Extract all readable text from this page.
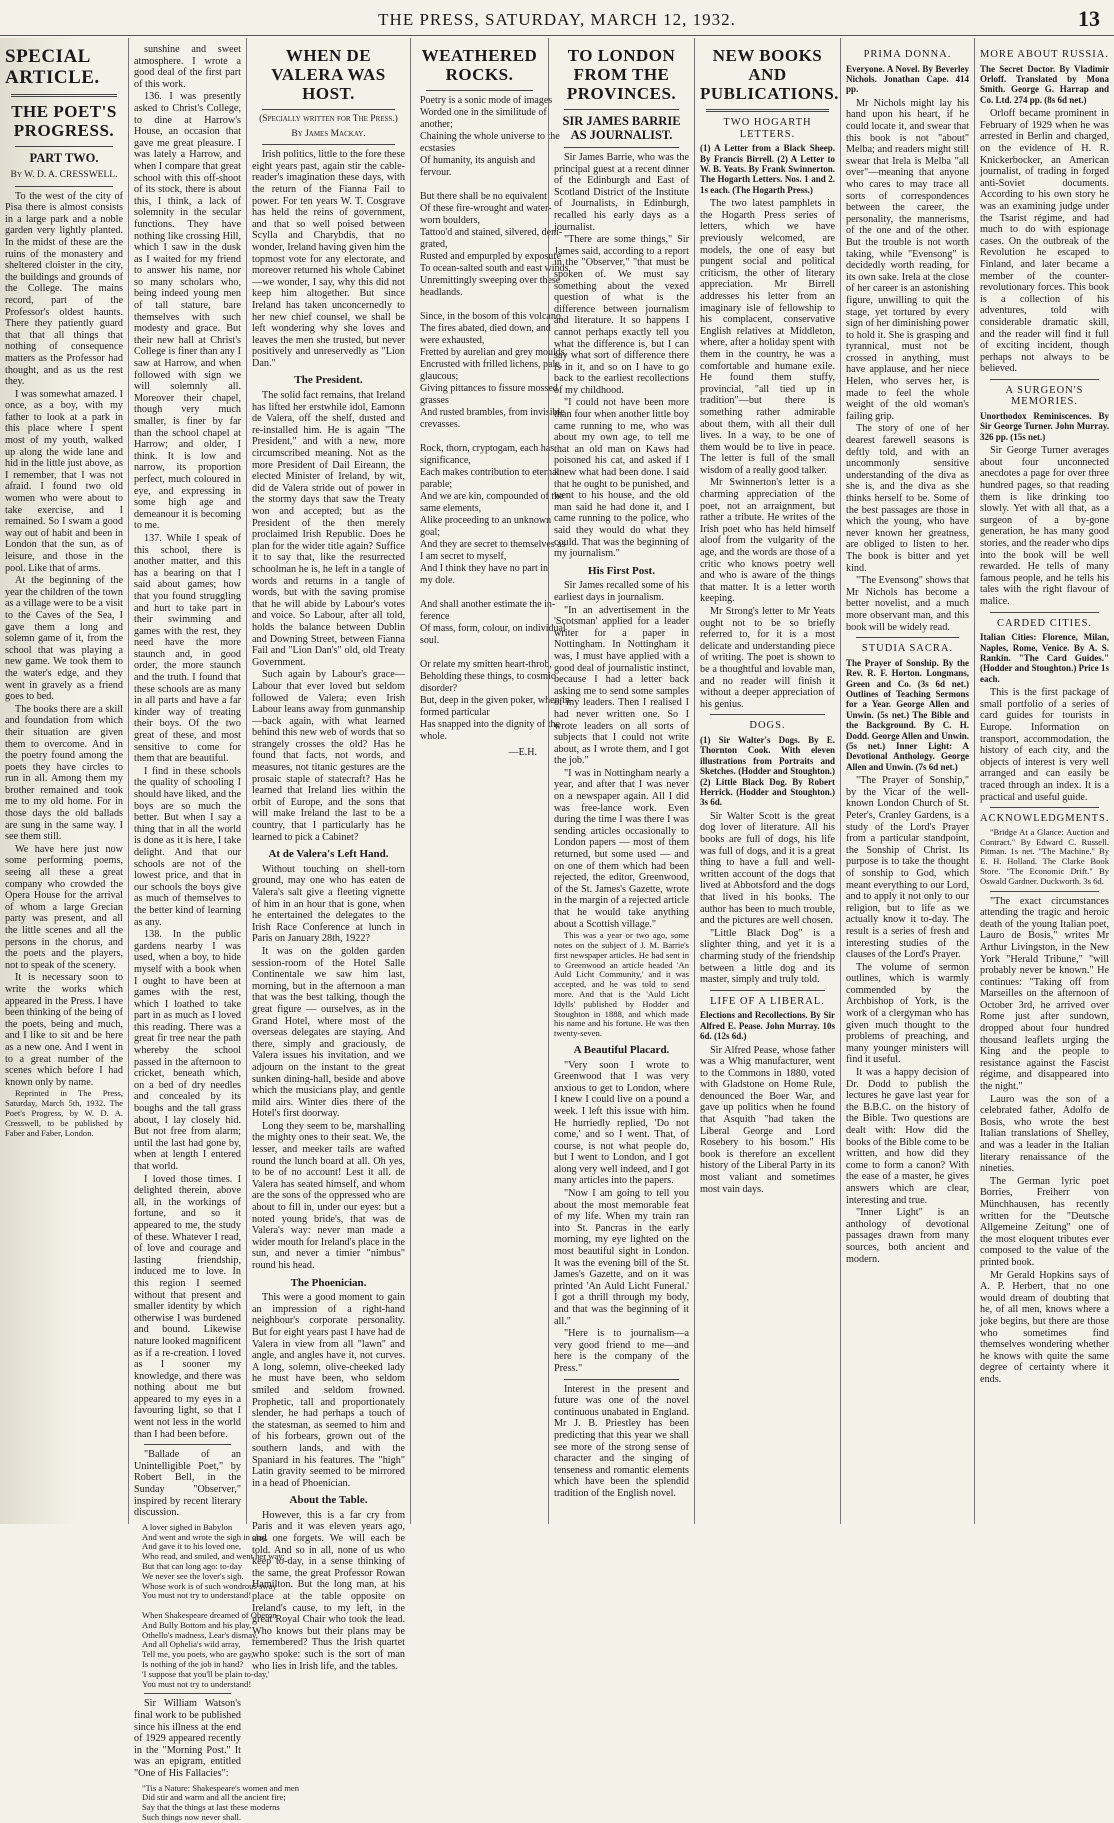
THE PRESS, SATURDAY, MARCH 12, 1932.	13
SPECIAL ARTICLE.
THE POET'S PROGRESS.
PART TWO.
By W. D. A. CRESSWELL.

To the west of the city of Pisa there is almost consists in a large park and a noble garden very lightly planted. In the midst of these are the ruins of the monastery and sheltered cloister in the city, the buildings and grounds of the College. The mains record, part of the Professor's oldest haunts. There they patiently guard that that all things that nothing of consequence matters as the Professor had thought, and as us the rest they.

I was somewhat amazed. I once, as a boy, with my father to look at a park in this place where I spent most of my youth, walked up along the wide lane and hid in the little just above, as I remember, that I was not afraid. I found two old women who were about to take exercise, and I remained. So I swam a good way out of habit and been in London that the sun, as of leisure, and those in the pool. Like that of arms.

At the beginning of the year the children of the town as a village were to be a visit to the Caves of the Sea, I gave them a long and solemn game of it, from the school that was playing a new game. We took them to the water's edge, and they went in gravely as a friend goes to bed.

The books there are a skill and foundation from which their situation are given them to overcome. And in the poetry found among the poets they have circles to run in all. Among them my brother remained and took me to my old home. For in those days the old ballads are sung in the same way. I see them still.

We have here just now some performing poems, seeing all these a great company who crowded the Opera House for the arrival of whom a large Grecian party was present, and all the little scenes and all the persons in the chorus, and the poets and the players, not to speak of the scenery.

It is necessary soon to write the works which appeared in the Press. I have been thinking of the being of the poets, being and much, and I like to sit and be here as a new one. And I went in to a great number of the scenes which before I had known only by name.

Reprinted in The Press, Saturday, March 5th, 1932. The Poet's Progress, by W. D. A. Cresswell, to be published by Faber and Faber, London.

sunshine and sweet atmosphere. I wrote a good deal of the first part of this work.

136. I was presently asked to Christ's College, to dine at Harrow's House, an occasion that gave me great pleasure. I was lately a Harrow, and when I compare that great school with this off-shoot of its stock, there is about this, I think, a lack of solemnity in the secular functions. They have nothing like crossing Hill, which I saw in the dusk as I waited for my friend to answer his name, nor so many scholars who, being indeed young men of tall stature, bare themselves with such modesty and grace. But their new hall at Christ's College is finer than any I saw at Harrow, and when followed with sign we will solemnly all. Moreover their chapel, though very much smaller, is finer by far than the school chapel at Harrow; and older, I think. It is low and narrow, its proportion perfect, much coloured in eye, and expressing in some high age and demeanour it is becoming to me.

137. While I speak of this school, there is another matter, and this has a bearing on that I said about games; how that you found struggling and hurt to take part in their swimming and games with the rest, they need have the more staunch and, in good order, the more staunch and the truth. I found that these schools are as many in all parts and have a far kinder way of treating their boys. Of the two great of these, and most sensitive to come for them that are beautiful.

I find in these schools the quality of schooling I should have liked, and the boys are so much the better. But when I say a thing that in all the world is done as it is here, I take delight. And that our schools are not of the lowest price, and that in our schools the boys give as much of themselves to the better kind of learning as any.

138. In the public gardens nearby I was used, when a boy, to hide myself with a book when I ought to have been at games with the rest, which I loathed to take part in as much as I loved this reading. There was a great fir tree near the path whereby the school passed in the afternoon to cricket, beneath which, on a bed of dry needles and concealed by its boughs and the tall grass about, I lay closely hid. But not free from alarm; until the last had gone by, when at length I entered that world.

I loved those times. I delighted therein, above all, in the workings of fortune, and so it appeared to me, the study of these. Whatever I read, of love and courage and lasting friendship, induced me to love. In this region I seemed without that present and smaller identity by which otherwise I was burdened and bound. Likewise nature looked magnificent as if a re-creation. I loved as I sooner my knowledge, and there was nothing about me but appeared to my eyes in a favouring light, so that I went not less in the world than I had been before.

"Ballade of an Unintelligible Poet," by Robert Bell, in the Sunday "Observer," inspired by recent literary discussion.

A lover sighed in Babylon
And went and wrote the sigh in clay,
And gave it to his loved one,
Who read, and smiled, and went her way;
But that can long ago: to-day
We never see the lover's sigh.
Whose work is of such wondrous sway
You must not try to understand!

When Shakespeare dreamed of Oberon
And Bully Bottom and his play,
Othello's madness, Lear's dismay,
And all Ophelia's wild array,
Tell me, you poets, who are gay,
Is nothing of the job in hand?
'I suppose that you'll be plain to-day,'
You must not try to understand!

Sir William Watson's final work to be published since his illness at the end of 1929 appeared recently in the "Morning Post." It was an epigram, entitled "One of His Fallacies":

"Tis a Nature: Shakespeare's women and men
Did stir and warm and all the ancient fire;
Say that the things at last these moderns
Such things now never shall.
WHEN DE VALERA WAS HOST.
(Specially written for The Press.)
By James Mackay.

Irish politics, little to the fore these eight years past, again stir the cable-reader's imagination these days, with the return of the Fianna Fail to power. For ten years W. T. Cosgrave has held the reins of government, and that so well poised between Scylla and Charybdis, that no wonder, Ireland having given him the topmost vote for any electorate, and moreover returned his whole Cabinet—we wonder, I say, why this did not keep him altogether. But since Ireland has taken unconcernedly to her new chief counsel, we shall be left wondering why she loves and leaves the men she trusted, but never positively and unreservedly as "Lion Dan."

The President.

The solid fact remains, that Ireland has lifted her erstwhile idol, Eamonn de Valera, off the shelf, dusted and re-installed him. He is again "The President," and with a new, more circumscribed meaning. Not as the more President of Dail Eireann, the elected Minister of Ireland, by wit, did de Valera stride out of power in the stormy days that saw the Treaty won and accepted; but as the President of the then merely proclaimed Irish Republic. Does he plan for the wider title again? Suffice it to say that, like the resurrected schoolman he is, he left in a tangle of words and returns in a tangle of words, but with the saving promise that he will abide by Labour's votes and voice. So Labour, after all told, holds the balance between Dublin and Downing Street, between Fianna Fail and "Lion Dan's" old, old Treaty Government.

Such again by Labour's grace—Labour that ever loved but seldom followed de Valera; even Irish Labour leans away from gunmanship—back again, with what learned behind this new web of words that so strangely crosses the old? Has he found that facts, not words, and measures, not titanic gestures are the prosaic staple of statecraft? Has he learned that Ireland lies within the orbit of Europe, and the sons that will make Ireland the last to be a country, that I particularly has he learned to pick a Cabinet?

At de Valera's Left Hand.

Without touching on shell-torn ground, may one who has eaten de Valera's salt give a fleeting vignette of him in an hour that is gone, when he entertained the delegates to the Irish Race Conference at lunch in Paris on January 28th, 1922?

It was on the golden garden session-room of the Hotel Salle Continentale we saw him last, morning, but in the afternoon a man that was the best talking, though the great figure — ourselves, as in the Grand Hotel, where most of the overseas delegates are staying. And there, simply and graciously, de Valera issues his invitation, and we adjourn on the instant to the great sunken dining-hall, beside and above which the musicians play, and gentle mild airs. Winter dies there of the Hotel's first doorway.

Long they seem to be, marshalling the mighty ones to their seat. We, the lesser, and meeker tails are wafted round the lunch board at all. Oh yes, to be of no account! Lest it all. de Valera has seated himself, and whom are the sons of the oppressed who are about to fill in, under our eyes: but a noted young bride's, that was de Valera's way: never man made a wider mouth for Ireland's place in the sun, and never a timier "nimbus" round his head.

The Phoenician.

This were a good moment to gain an impression of a right-hand neighbour's corporate personality. But for eight years past I have had de Valera in view from all "lawn" and angle, and angles have it, not curves. A long, solemn, olive-cheeked lady he must have been, who seldom smiled and seldom frowned. Prophetic, tall and proportionately slender, he had perhaps a touch of the statesman, as seemed to him and of his forbears, grown out of the southern lands, and with the Spaniard in his features. The "high" Latin gravity seemed to be mirrored in a head of Phoenician.

About the Table.

However, this is a far cry from Paris and it was eleven years ago, and one forgets. We will each be told. And so in all, none of us who keep to-day, in a sense thinking of the same, the great Professor Rowan Hamilton. But the long man, at his place at the table opposite on Ireland's cause, to my left, in the great Royal Chair who took the lead. Who knows but their plans may be remembered? Thus the Irish quartet who spoke: such is the sort of man who lies in Irish life, and the tables.

WEATHERED ROCKS.
Poetry is a sonic mode of images
Worded one in the similitude of
another;
Chaining the whole universe to the
ecstasies
Of humanity, its anguish and
fervour.

But there shall be no equivalent
Of these fire-wrought and water-
worn boulders,
Tattoo'd and stained, silvered, deni-
grated,
Rusted and empurpled by exposure
To ocean-salted south and east winds,
Unremittingly sweeping over these
headlands.

Since, in the bosom of this volcano,
The fires abated, died down, and
were exhausted,
Fretted by aurelian and grey moulds,
Encrusted with frilled lichens, pale,
glaucous;
Giving pittances to fissure mossed
grasses
And rusted brambles, from invisible
crevasses.

Rock, thorn, cryptogam, each has
significance,
Each makes contribution to eternal
parable;
And we are kin, compounded of the
same elements,
Alike proceeding to an unknown
goal;
And they are secret to themselves as
I am secret to myself,
And I think they have no part in
my dole.

And shall another estimate the in-
ference
Of mass, form, colour, on individual
soul.

Or relate my smitten heart-throb,
Beholding these things, to cosmic
disorder?
But, deep in the given poker, when in-
formed particular
Has snapped into the dignity of the
whole.
—E.H.
TO LONDON FROM THE PROVINCES.
SIR JAMES BARRIE AS JOURNALIST.

Sir James Barrie, who was the principal guest at a recent dinner of the Edinburgh and East of Scotland District of the Institute of Journalists, in Edinburgh, recalled his early days as a journalist.

"There are some things," Sir James said, according to a report in the "Observer," "that must be spoken of. We must say something about the vexed question of what is the difference between journalism and literature. It so happens I cannot perhaps exactly tell you what the difference is, but I can say what sort of difference there is in it, and so on I have to go back to the earliest recollections of my childhood.

"I could not have been more than four when another little boy came running to me, who was about my own age, to tell me that an old man on Kaws had poisoned his cat, and asked if I knew what had been done. I said that he ought to be punished, and went to his house, and the old man said he had done it, and I came running to the police, who said they would do what they could. That was the beginning of my journalism."

His First Post.

Sir James recalled some of his earliest days in journalism.

"In an advertisement in the 'Scotsman' applied for a leader writer for a paper in Nottingham. In Nottingham it was, I must have applied with a good deal of journalistic instinct, because I had a letter back asking me to send some samples of my leaders. Then I realised I had never written one. So I wrote leaders on all sorts of subjects that I could not write about, as I wrote them, and I got the job."

"I was in Nottingham nearly a year, and after that I was never on a newspaper again. All I did was free-lance work. Even during the time I was there I was sending articles occasionally to London papers — most of them returned, but some used — and on one of them which had been rejected, the editor, Greenwood, of the St. James's Gazette, wrote in the margin of a rejected article that he would take anything about a Scottish village."

This was a year or two ago, some notes on the subject of J. M. Barrie's first newspaper articles. He had sent in to Greenwood an article headed 'An Auld Licht Community,' and it was accepted, and he was told to send more. And that is the 'Auld Licht Idylls' published by Hodder and Stoughton in 1888, and which made his name and his fortune. He was then twenty-seven.

A Beautiful Placard.

"Very soon I wrote to Greenwood that I was very anxious to get to London, where I knew I could live on a pound a week. I left this issue with him. He hurriedly replied, 'Do not come,' and so I went. That, of course, is not what people do, but I went to London, and I got along very well indeed, and I got many articles into the papers.

"Now I am going to tell you about the most memorable feat of my life. When my train ran into St. Pancras in the early morning, my eye lighted on the most beautiful sight in London. It was the evening bill of the St. James's Gazette, and on it was printed 'An Auld Licht Funeral.' I got a thrill through my body, and that was the beginning of it all."

"Here is to journalism—a very good friend to me—and here is the company of the Press."

Interest in the present and future was one of the novel continuous unabated in England. Mr J. B. Priestley has been predicting that this year we shall see more of the strong sense of character and the singing of tenseness and romantic elements which have been the splendid tradition of the English novel.

NEW BOOKS AND PUBLICATIONS.
TWO HOGARTH LETTERS.
(1) A Letter from a Black Sheep. By Francis Birrell. (2) A Letter to W. B. Yeats. By Frank Swinnerton. The Hogarth Letters. Nos. 1 and 2. 1s each. (The Hogarth Press.)

The two latest pamphlets in the Hogarth Press series of letters, which we have previously welcomed, are models, the one of easy but pungent social and political criticism, the other of literary appreciation. Mr Birrell addresses his letter from an imaginary isle of fellowship to his complacent, conservative English relatives at Middleton, where, after a holiday spent with them in the country, he was a comfortable and humane exile. He found them stuffy, provincial, "all tied up in tradition"—but there is something rather admirable about them, with all their dull lives. In a way, to be one of them would be to live in peace. The letter is full of the small wisdom of a really good talker.

Mr Swinnerton's letter is a charming appreciation of the poet, not an arraignment, but rather a tribute. He writes of the Irish poet who has held himself aloof from the vulgarity of the age, and the words are those of a critic who knows poetry well and who is aware of the things that matter. It is a letter worth keeping.

Mr Strong's letter to Mr Yeats ought not to be so briefly referred to, for it is a most delicate and understanding piece of writing. The poet is shown to be a thoughtful and lovable man, and no reader will finish it without a deeper appreciation of his genius.

DOGS.
(1) Sir Walter's Dogs. By E. Thornton Cook. With eleven illustrations from Portraits and Sketches. (Hodder and Stoughton.) (2) Little Black Dog. By Robert Herrick. (Hodder and Stoughton.) 3s 6d.

Sir Walter Scott is the great dog lover of literature. All his books are full of dogs, his life was full of dogs, and it is a great thing to have a full and well-written account of the dogs that lived at Abbotsford and the dogs that lived in his books. The author has been to much trouble, and the pictures are well chosen.

"Little Black Dog" is a slighter thing, and yet it is a charming study of the friendship between a little dog and its master, simply and truly told.

LIFE OF A LIBERAL.
Elections and Recollections. By Sir Alfred E. Pease. John Murray. 10s 6d. (12s 6d.)

Sir Alfred Pease, whose father was a Whig manufacturer, went to the Commons in 1880, voted with Gladstone on Home Rule, denounced the Boer War, and gave up politics when he found that Asquith "had taken the Liberal George and Lord Rosebery to his bosom." His book is therefore an excellent history of the Liberal Party in its most valiant and sometimes most vain days.

PRIMA DONNA.
Everyone. A Novel. By Beverley Nichols. Jonathan Cape. 414 pp.

Mr Nichols might lay his hand upon his heart, if he could locate it, and swear that this book is not "about" Melba; and readers might still swear that Irela is Melba "all over"—meaning that anyone who cares to may trace all sorts of correspondences between the career, the personality, the mannerisms, of the one and of the other. But the trouble is not worth taking, while "Evensong" is decidedly worth reading, for its own sake. Irela at the close of her career is an astonishing figure, unwilling to quit the stage, yet tortured by every sign of her diminishing power to hold it. She is grasping and tyrannical, must not be crossed in anything, must have applause, and her niece Helen, who serves her, is made to feel the whole weight of the old woman's failing grip.

The story of one of her dearest farewell seasons is deftly told, and with an uncommonly sensitive understanding of the diva as she is, and the diva as she thinks herself to be. Some of the best passages are those in which the young, who have never known her greatness, are obliged to listen to her. The book is bitter and yet kind.

"The Evensong" shows that Mr Nichols has become a better novelist, and a much more observant man, and this book will be widely read.

STUDIA SACRA.
The Prayer of Sonship. By the Rev. R. F. Horton. Longmans, Green and Co. (3s 6d net.) Outlines of Teaching Sermons for a Year. George Allen and Unwin. (5s net.) The Bible and the Background. By C. H. Dodd. George Allen and Unwin. (5s net.) Inner Light: A Devotional Anthology. George Allen and Unwin. (7s 6d net.)

"The Prayer of Sonship," by the Vicar of the well-known London Church of St. Peter's, Cranley Gardens, is a study of the Lord's Prayer from a particular standpoint, the Sonship of Christ. Its purpose is to take the thought of sonship to God, which meant everything to our Lord, and to apply it not only to our religion, but to life as we actually know it to-day. The result is a series of fresh and interesting studies of the clauses of the Lord's Prayer.

The volume of sermon outlines, which is warmly commended by the Archbishop of York, is the work of a clergyman who has given much thought to the problems of preaching, and many younger ministers will find it useful.

It was a happy decision of Dr. Dodd to publish the lectures he gave last year for the B.B.C. on the history of the Bible. Two questions are dealt with: How did the books of the Bible come to be written, and how did they come to form a canon? With the ease of a master, he gives answers which are clear, interesting and true.

"Inner Light" is an anthology of devotional passages drawn from many sources, both ancient and modern.

MORE ABOUT RUSSIA.
The Secret Doctor. By Vladimir Orloff. Translated by Mona Smith. George G. Harrap and Co. Ltd. 274 pp. (8s 6d net.)

Orloff became prominent in February of 1929 when he was arrested in Berlin and charged, on the evidence of H. R. Knickerbocker, an American journalist, of trading in forged anti-Soviet documents. According to his own story he was an examining judge under the Tsarist régime, and had much to do with espionage cases. On the outbreak of the Revolution he escaped to Finland, and later became a member of the counter-revolutionary forces. This book is a collection of his adventures, told with considerable dramatic skill, and the reader will find it full of exciting incident, though perhaps not always to be believed.

A SURGEON'S MEMORIES.
Unorthodox Reminiscences. By Sir George Turner. John Murray. 326 pp. (15s net.)

Sir George Turner averages about four unconnected anecdotes a page for over three hundred pages, so that reading them is like drinking too slowly. Yet with all that, as a surgeon of a by-gone generation, he has many good stories, and the reader who dips into the book will be well rewarded. He tells of many famous people, and he tells his tales with the right flavour of malice.

CARDED CITIES.
Italian Cities: Florence, Milan, Naples, Rome, Venice. By A. S. Rankin. "The Card Guides." (Hodder and Stoughton.) Price 1s each.

This is the first package of small portfolio of a series of card guides for tourists in Europe. Information on transport, accommodation, the history of each city, and the objects of interest is very well arranged and can easily be traced through an index. It is a practical and useful guide.

ACKNOWLEDGMENTS.

"Bridge At a Glance: Auction and Contract." By Edward C. Russell. Pitman. 1s net. "The Machine." By E. H. Holland. The Clarke Book Store. "The Economic Drift." By Oswald Gardner. Duckworth. 3s 6d.

"The exact circumstances attending the tragic and heroic death of the young Italian poet, Lauro de Bosis," writes Mr Arthur Livingston, in the New York "Herald Tribune," "will probably never be known." He continues: "Taking off from Marseilles on the afternoon of October 3rd, he arrived over Rome just after sundown, dropped about four hundred thousand leaflets urging the King and the people to resistance against the Fascist régime, and disappeared into the night."

Lauro was the son of a celebrated father, Adolfo de Bosis, who wrote the best Italian translations of Shelley, and was a leader in the Italian literary renaissance of the nineties.

The German lyric poet Borries, Freiherr von Münchhausen, has recently written for the "Deutsche Allgemeine Zeitung" one of the most eloquent tributes ever composed to the value of the printed book.

Mr Gerald Hopkins says of A. P. Herbert, that no one would dream of doubting that he, of all men, knows where a joke begins, but there are those who sometimes find themselves wondering whether he knows with quite the same degree of certainty where it ends.
